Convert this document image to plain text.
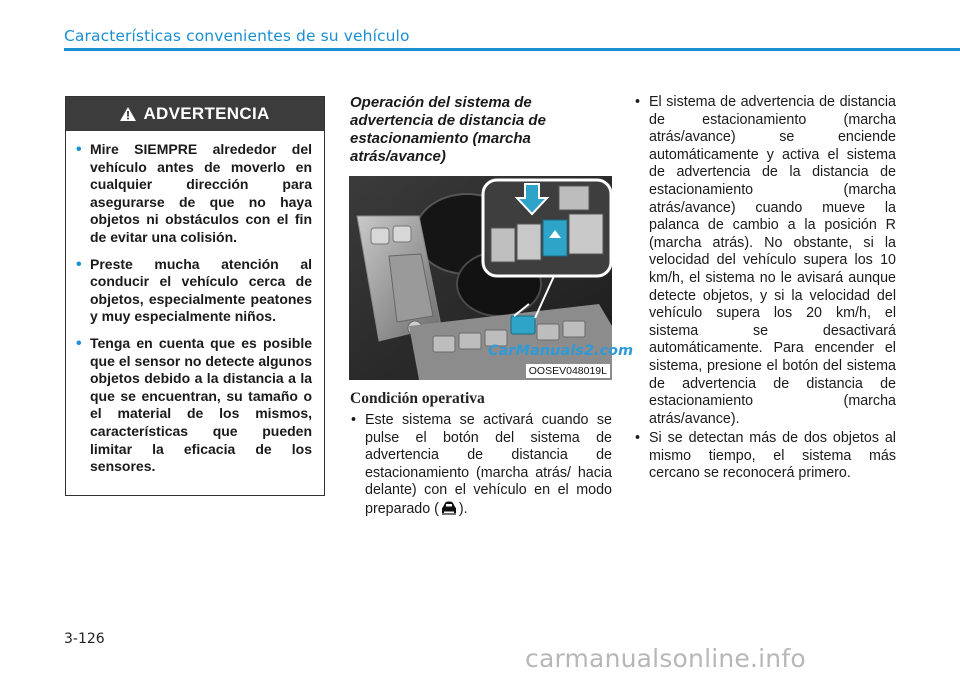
Características convenientes de su vehículo
ADVERTENCIA
• Mire SIEMPRE alrededor del vehículo antes de moverlo en cualquier dirección para asegurarse de que no haya objetos ni obstáculos con el fin de evitar una colisión.
• Preste mucha atención al conducir el vehículo cerca de objetos, especialmente peatones y muy especialmente niños.
• Tenga en cuenta que es posible que el sensor no detecte algunos objetos debido a la distancia a la que se encuentran, su tamaño o el material de los mismos, características que pueden limitar la eficacia de los sensores.
Operación del sistema de advertencia de distancia de estacionamiento (marcha atrás/avance)
OOSEV048019L
CarManuals2.com
Condición operativa
• Este sistema se activará cuando se pulse el botón del sistema de advertencia de distancia de estacionamiento (marcha atrás/ hacia delante) con el vehículo en el modo preparado ( ).
• El sistema de advertencia de distancia de estacionamiento (marcha atrás/avance) se enciende automáticamente y activa el sistema de advertencia de la distancia de estacionamiento (marcha atrás/avance) cuando mueve la palanca de cambio a la posición R (marcha atrás). No obstante, si la velocidad del vehículo supera los 10 km/h, el sistema no le avisará aunque detecte objetos, y si la velocidad del vehículo supera los 20 km/h, el sistema se desactivará automáticamente. Para encender el sistema, presione el botón del sistema de advertencia de distancia de estacionamiento (marcha atrás/avance).
• Si se detectan más de dos objetos al mismo tiempo, el sistema más cercano se reconocerá primero.
3-126
carmanualsonline.info
